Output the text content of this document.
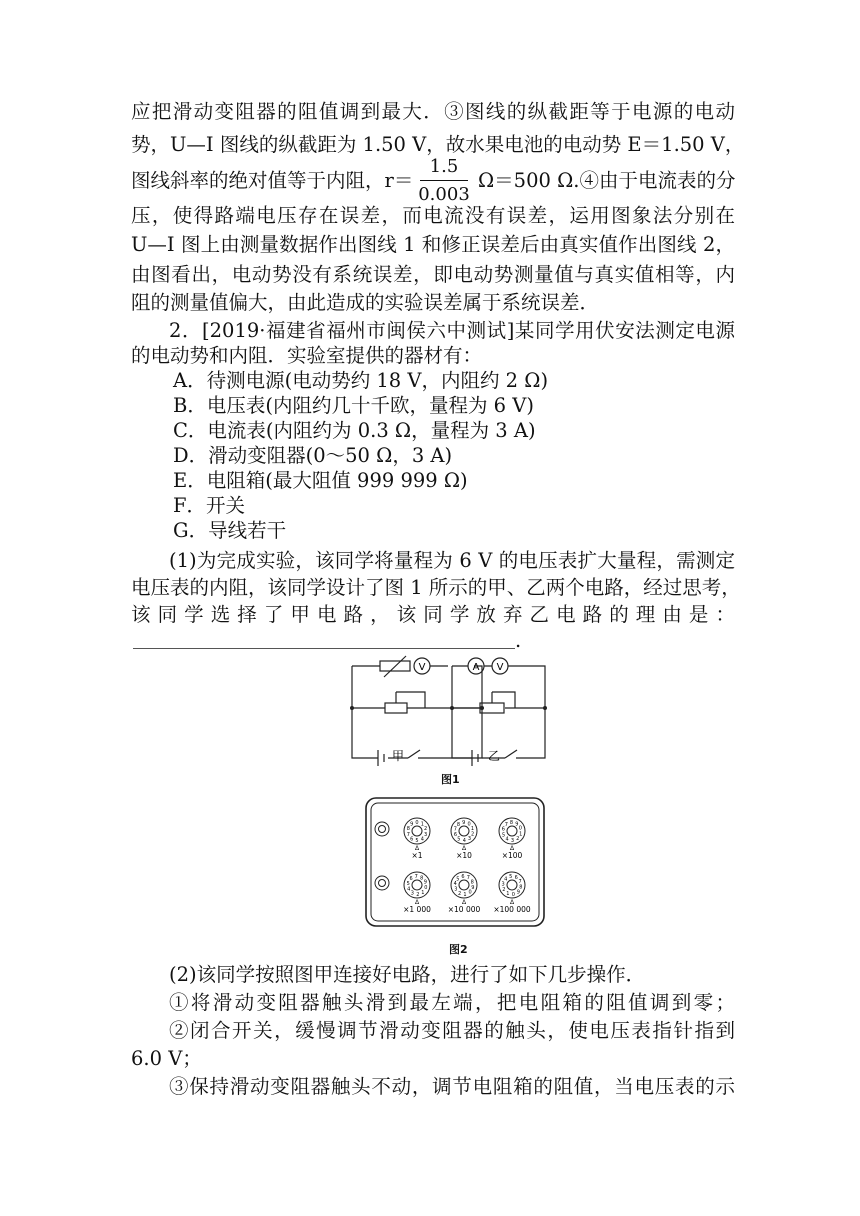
应把滑动变阻器的阻值调到最大．③图线的纵截距等于电源的电动
势，U—I 图线的纵截距为 1.50 V，故水果电池的电动势 E＝1.50 V，
图线斜率的绝对值等于内阻，r＝
1.5
0.003
Ω＝500 Ω.④由于电流表的分
压，使得路端电压存在误差，而电流没有误差，运用图象法分别在
U—I 图上由测量数据作出图线 1 和修正误差后由真实值作出图线 2，
由图看出，电动势没有系统误差，即电动势测量值与真实值相等，内
阻的测量值偏大，由此造成的实验误差属于系统误差．
2．[2019·福建省福州市闽侯六中测试]某同学用伏安法测定电源
的电动势和内阻．实验室提供的器材有：
A．待测电源(电动势约 18 V，内阻约 2 Ω)
B．电压表(内阻约几十千欧，量程为 6 V)
C．电流表(内阻约为 0.3 Ω，量程为 3 A)
D．滑动变阻器(0～50 Ω，3 A)
E．电阻箱(最大阻值 999 999 Ω)
F．开关
G．导线若干
(1)为完成实验，该同学将量程为 6 V 的电压表扩大量程，需测定
电压表的内阻，该同学设计了图 1 所示的甲、乙两个电路，经过思考，
该 同 学 选 择 了 甲 电 路 ， 该 同 学 放 弃 乙 电 路 的 理 由 是 ：
.
V	A V
甲	乙
图1
0 1
2
3
4
5
6
7
8
9
Δ
×1
0
1
2
3
4
5
6
7
8 9
Δ
×10
0
1
2
3
4
5
6
7 8 9
Δ
×100
0
1
2
3
4
5
6 7 8
9
Δ
×1 000
0
1
2
3
4
5 6 7
8
9
Δ
×10 000
0
1
2
3
4 5 6
7
8
9
Δ
×100 000
图2
(2)该同学按照图甲连接好电路，进行了如下几步操作．
①将滑动变阻器触头滑到最左端，把电阻箱的阻值调到零；
②闭合开关，缓慢调节滑动变阻器的触头，使电压表指针指到
6.0 V；
③保持滑动变阻器触头不动，调节电阻箱的阻值，当电压表的示
